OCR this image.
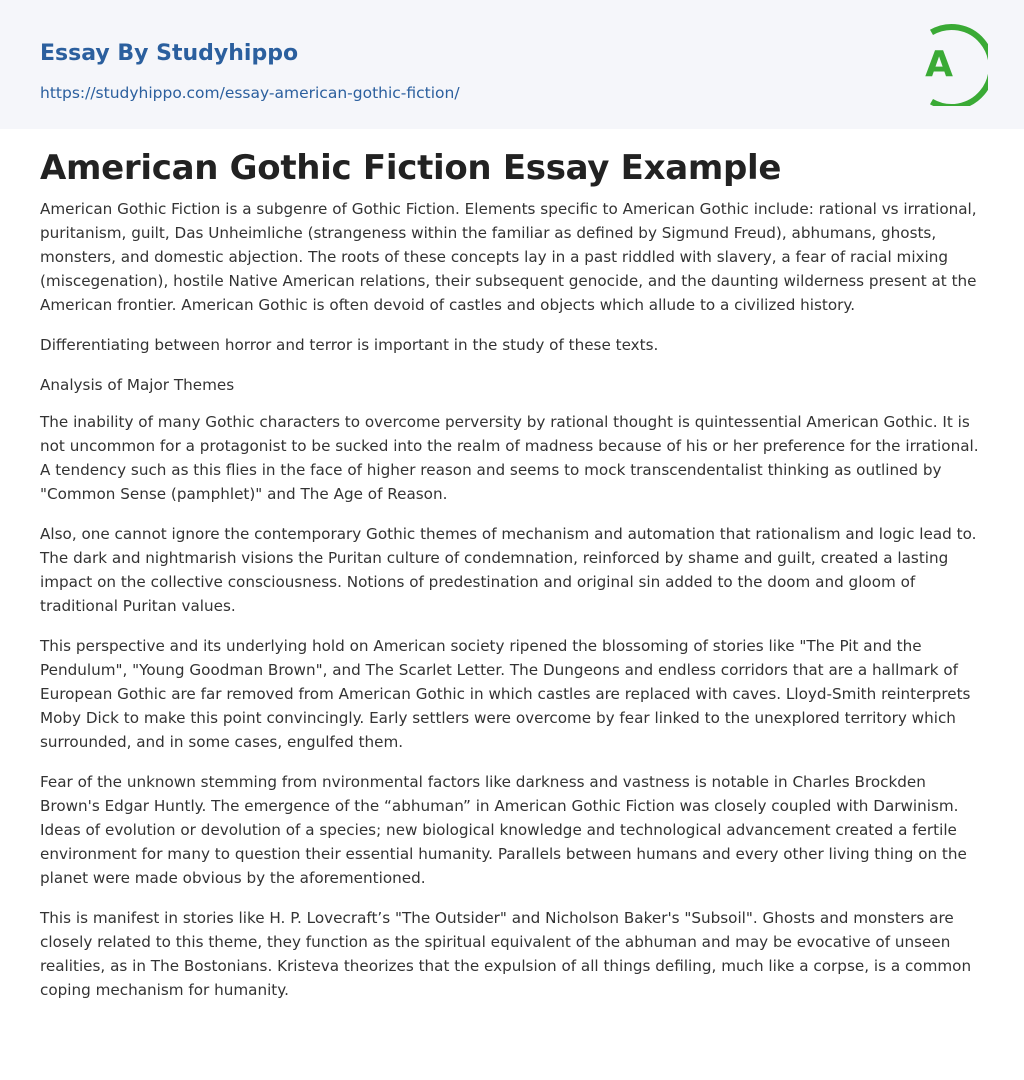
Essay By Studyhippo
https://studyhippo.com/essay-american-gothic-fiction/
A
American Gothic Fiction Essay Example

American Gothic Fiction is a subgenre of Gothic Fiction. Elements specific to American Gothic include: rational vs irrational, puritanism, guilt, Das Unheimliche (strangeness within the familiar as defined by Sigmund Freud), abhumans, ghosts, monsters, and domestic abjection. The roots of these concepts lay in a past riddled with slavery, a fear of racial mixing (miscegenation), hostile Native American relations, their subsequent genocide, and the daunting wilderness present at the American frontier. American Gothic is often devoid of castles and objects which allude to a civilized history.

Differentiating between horror and terror is important in the study of these texts.

Analysis of Major Themes

The inability of many Gothic characters to overcome perversity by rational thought is quintessential American Gothic. It is not uncommon for a protagonist to be sucked into the realm of madness because of his or her preference for the irrational. A tendency such as this flies in the face of higher reason and seems to mock transcendentalist thinking as outlined by "Common Sense (pamphlet)" and The Age of Reason.

Also, one cannot ignore the contemporary Gothic themes of mechanism and automation that rationalism and logic lead to. The dark and nightmarish visions the Puritan culture of condemnation, reinforced by shame and guilt, created a lasting impact on the collective consciousness. Notions of predestination and original sin added to the doom and gloom of traditional Puritan values.

This perspective and its underlying hold on American society ripened the blossoming of stories like "The Pit and the Pendulum", "Young Goodman Brown", and The Scarlet Letter. The Dungeons and endless corridors that are a hallmark of European Gothic are far removed from American Gothic in which castles are replaced with caves. Lloyd-Smith reinterprets Moby Dick to make this point convincingly. Early settlers were overcome by fear linked to the unexplored territory which surrounded, and in some cases, engulfed them.

Fear of the unknown stemming from nvironmental factors like darkness and vastness is notable in Charles Brockden Brown's Edgar Huntly. The emergence of the “abhuman” in American Gothic Fiction was closely coupled with Darwinism. Ideas of evolution or devolution of a species; new biological knowledge and technological advancement created a fertile environment for many to question their essential humanity. Parallels between humans and every other living thing on the planet were made obvious by the aforementioned.

This is manifest in stories like H. P. Lovecraft’s "The Outsider" and Nicholson Baker's "Subsoil". Ghosts and monsters are closely related to this theme, they function as the spiritual equivalent of the abhuman and may be evocative of unseen realities, as in The Bostonians. Kristeva theorizes that the expulsion of all things defiling, much like a corpse, is a common coping mechanism for humanity.
